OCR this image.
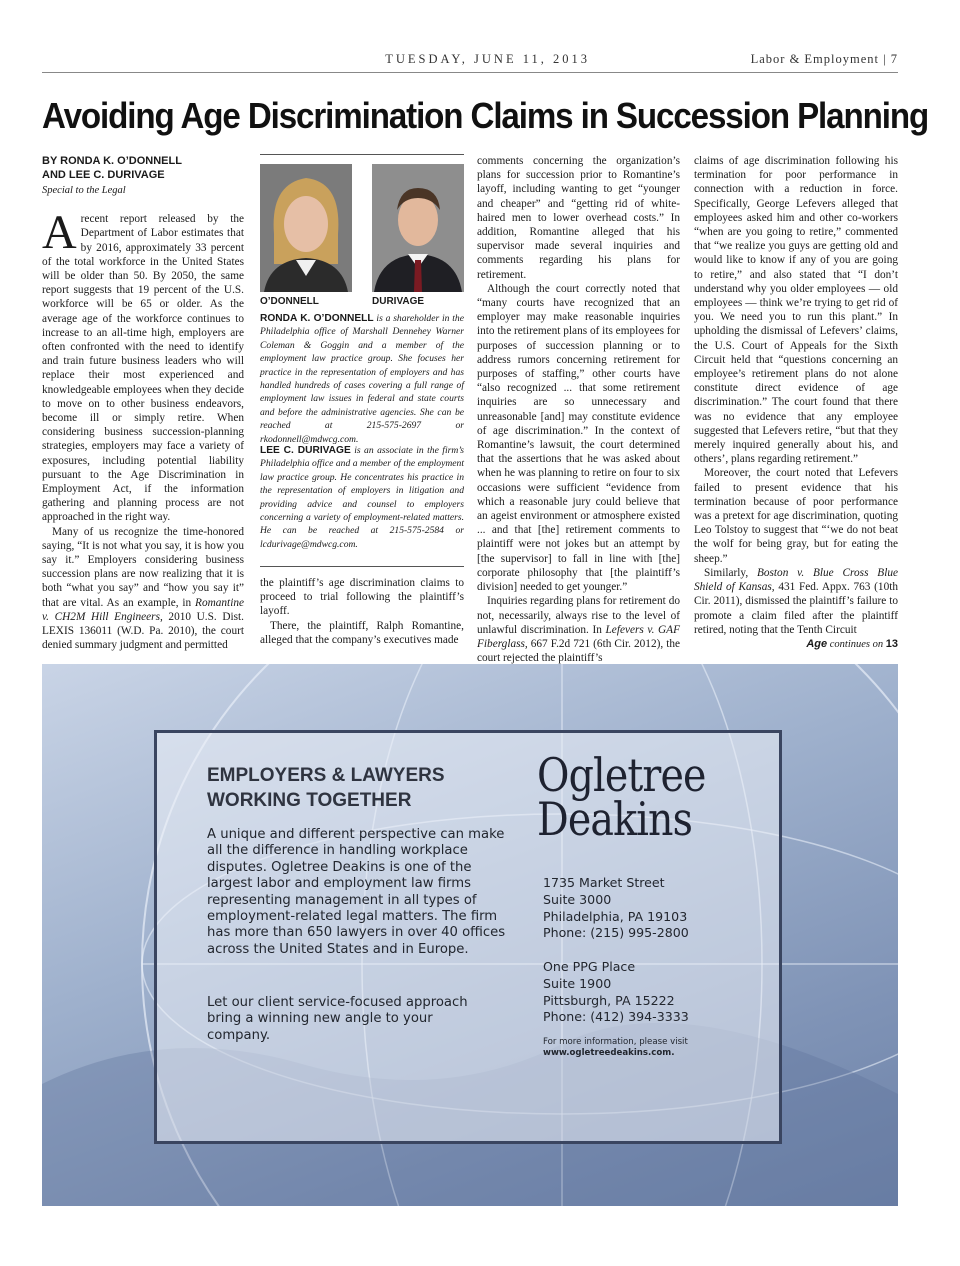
TUESDAY, JUNE 11, 2013	Labor & Employment | 7
Avoiding Age Discrimination Claims in Succession Planning
BY RONDA K. O’DONNELL
AND LEE C. DURIVAGE
Special to the Legal

Arecent report released by the Department of Labor estimates that by 2016, approximately 33 percent of the total workforce in the United States will be older than 50. By 2050, the same report suggests that 19 percent of the U.S. workforce will be 65 or older. As the average age of the workforce continues to increase to an all-time high, employers are often confronted with the need to identify and train future business leaders who will replace their most experienced and knowledgeable employees when they decide to move on to other business endeavors, become ill or simply retire. When considering business succession-planning strategies, employers may face a variety of exposures, including potential liability pursuant to the Age Discrimination in Employment Act, if the information gathering and planning process are not approached in the right way.

Many of us recognize the time-honored saying, “It is not what you say, it is how you say it.” Employers considering business succession plans are now realizing that it is both “what you say” and “how you say it” that are vital. As an example, in Romantine v. CH2M Hill Engineers, 2010 U.S. Dist. LEXIS 136011 (W.D. Pa. 2010), the court denied summary judgment and permitted

O’DONNELL	DURIVAGE
RONDA K. O’DONNELL is a shareholder in the Philadelphia office of Marshall Dennehey Warner Coleman & Goggin and a member of the employment law practice group. She focuses her practice in the representation of employers and has handled hundreds of cases covering a full range of employment law issues in federal and state courts and before the administrative agencies. She can be reached at 215-575-2697 or rkodonnell@mdwcg.com.
LEE C. DURIVAGE is an associate in the firm’s Philadelphia office and a member of the employment law practice group. He concentrates his practice in the representation of employers in litigation and providing advice and counsel to employers concerning a variety of employment-related matters. He can be reached at 215-575-2584 or lcdurivage@mdwcg.com.

the plaintiff’s age discrimination claims to proceed to trial following the plaintiff’s layoff.

There, the plaintiff, Ralph Romantine, alleged that the company’s executives made

comments concerning the organization’s plans for succession prior to Romantine’s layoff, including wanting to get “younger and cheaper” and “getting rid of white-haired men to lower overhead costs.” In addition, Romantine alleged that his supervisor made several inquiries and comments regarding his plans for retirement.

Although the court correctly noted that “many courts have recognized that an employer may make reasonable inquiries into the retirement plans of its employees for purposes of succession planning or to address rumors concerning retirement for purposes of staffing,” other courts have “also recognized ... that some retirement inquiries are so unnecessary and unreasonable [and] may constitute evidence of age discrimination.” In the context of Romantine’s lawsuit, the court determined that the assertions that he was asked about when he was planning to retire on four to six occasions were sufficient “evidence from which a reasonable jury could believe that an ageist environment or atmosphere existed ... and that [the] retirement comments to plaintiff were not jokes but an attempt by [the supervisor] to fall in line with [the] corporate philosophy that [the plaintiff’s division] needed to get younger.”

Inquiries regarding plans for retirement do not, necessarily, always rise to the level of unlawful discrimination. In Lefevers v. GAF Fiberglass, 667 F.2d 721 (6th Cir. 2012), the court rejected the plaintiff’s

claims of age discrimination following his termination for poor performance in connection with a reduction in force. Specifically, George Lefevers alleged that employees asked him and other co-workers “when are you going to retire,” commented that “we realize you guys are getting old and would like to know if any of you are going to retire,” and also stated that “I don’t understand why you older employees — old employees — think we’re trying to get rid of you. We need you to run this plant.” In upholding the dismissal of Lefevers’ claims, the U.S. Court of Appeals for the Sixth Circuit held that “questions concerning an employee’s retirement plans do not alone constitute direct evidence of age discrimination.” The court found that there was no evidence that any employee suggested that Lefevers retire, “but that they merely inquired generally about his, and others’, plans regarding retirement.”

Moreover, the court noted that Lefevers failed to present evidence that his termination because of poor performance was a pretext for age discrimination, quoting Leo Tolstoy to suggest that “‘we do not beat the wolf for being gray, but for eating the sheep.”

Similarly, Boston v. Blue Cross Blue Shield of Kansas, 431 Fed. Appx. 763 (10th Cir. 2011), dismissed the plaintiff’s failure to promote a claim filed after the plaintiff retired, noting that the Tenth Circuit

Age continues on 13
EMPLOYERS & LAWYERS
WORKING TOGETHER
A unique and different perspective can make all the difference in handling workplace disputes. Ogletree Deakins is one of the largest labor and employment law firms representing management in all types of employment-related legal matters. The firm has more than 650 lawyers in over 40 offices across the United States and in Europe.
Let our client service-focused approach bring a winning new angle to your company.
Ogletree
Deakins
1735 Market Street
Suite 3000
Philadelphia, PA 19103
Phone: (215) 995-2800
One PPG Place
Suite 1900
Pittsburgh, PA 15222
Phone: (412) 394-3333
For more information, please visit
www.ogletreedeakins.com.
